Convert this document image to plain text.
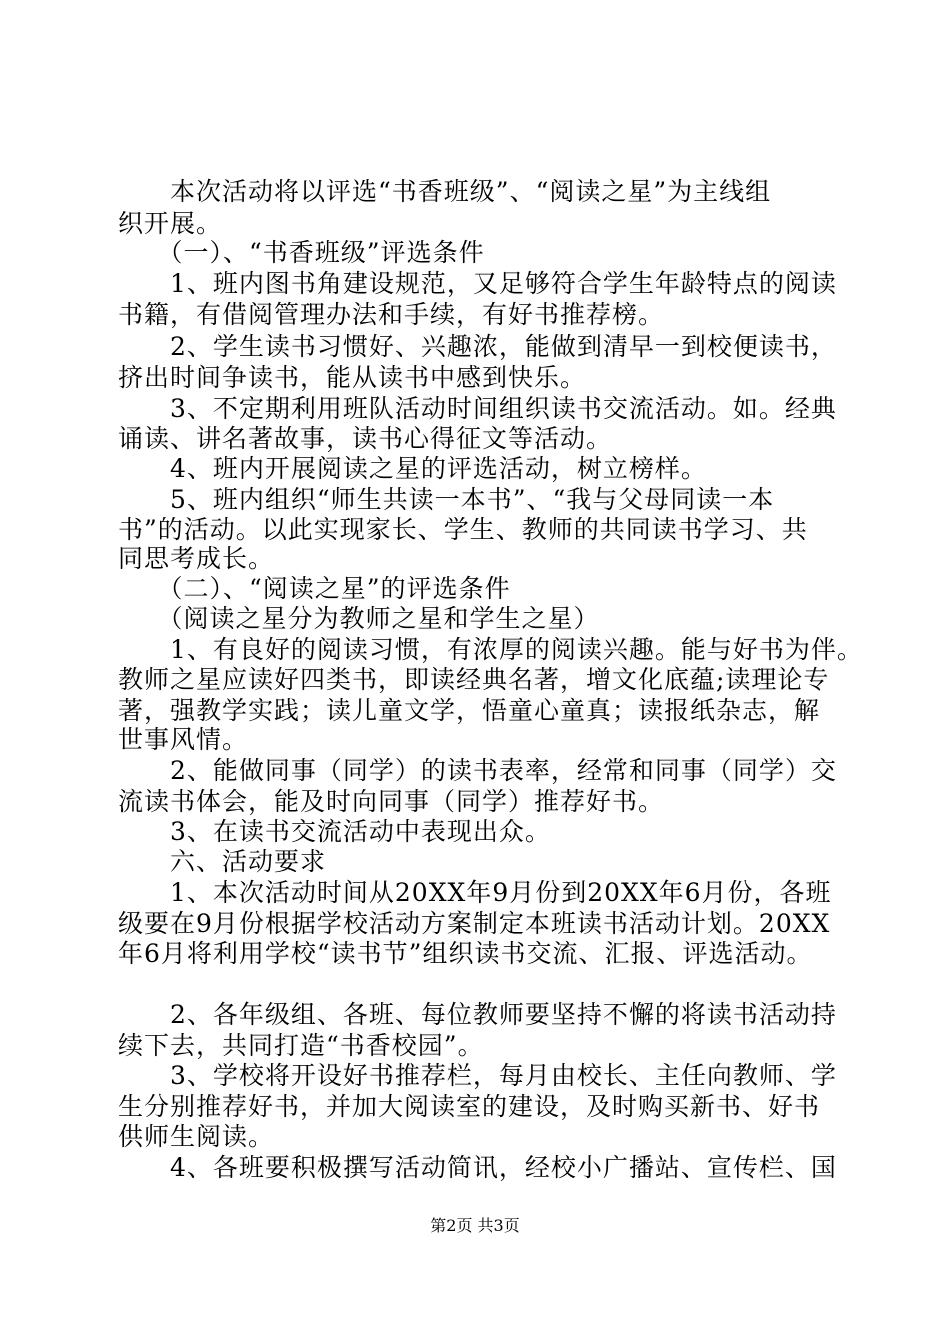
　　本次活动将以评选“书香班级”、“阅读之星”为主线组
织开展。
　　（一）、“书香班级”评选条件
　　1、班内图书角建设规范，又足够符合学生年龄特点的阅读
书籍，有借阅管理办法和手续，有好书推荐榜。
　　2、学生读书习惯好、兴趣浓，能做到清早一到校便读书，
挤出时间争读书，能从读书中感到快乐。
　　3、不定期利用班队活动时间组织读书交流活动。如。经典
诵读、讲名著故事，读书心得征文等活动。
　　4、班内开展阅读之星的评选活动，树立榜样。
　　5、班内组织“师生共读一本书”、“我与父母同读一本
书”的活动。以此实现家长、学生、教师的共同读书学习、共
同思考成长。
　　（二）、“阅读之星”的评选条件
　　（阅读之星分为教师之星和学生之星）
　　1、有良好的阅读习惯，有浓厚的阅读兴趣。能与好书为伴。
教师之星应读好四类书，即读经典名著，增文化底蕴;读理论专
著，强教学实践；读儿童文学，悟童心童真；读报纸杂志，解
世事风情。
　　2、能做同事（同学）的读书表率，经常和同事（同学）交
流读书体会，能及时向同事（同学）推荐好书。
　　3、在读书交流活动中表现出众。
　　六、活动要求
　　1、本次活动时间从20XX年9月份到20XX年6月份，各班
级要在9月份根据学校活动方案制定本班读书活动计划。20XX
年6月将利用学校“读书节”组织读书交流、汇报、评选活动。
　　2、各年级组、各班、每位教师要坚持不懈的将读书活动持
续下去，共同打造“书香校园”。
　　3、学校将开设好书推荐栏，每月由校长、主任向教师、学
生分别推荐好书，并加大阅读室的建设，及时购买新书、好书
供师生阅读。
　　4、各班要积极撰写活动简讯，经校小广播站、宣传栏、国
第2页 共3页
